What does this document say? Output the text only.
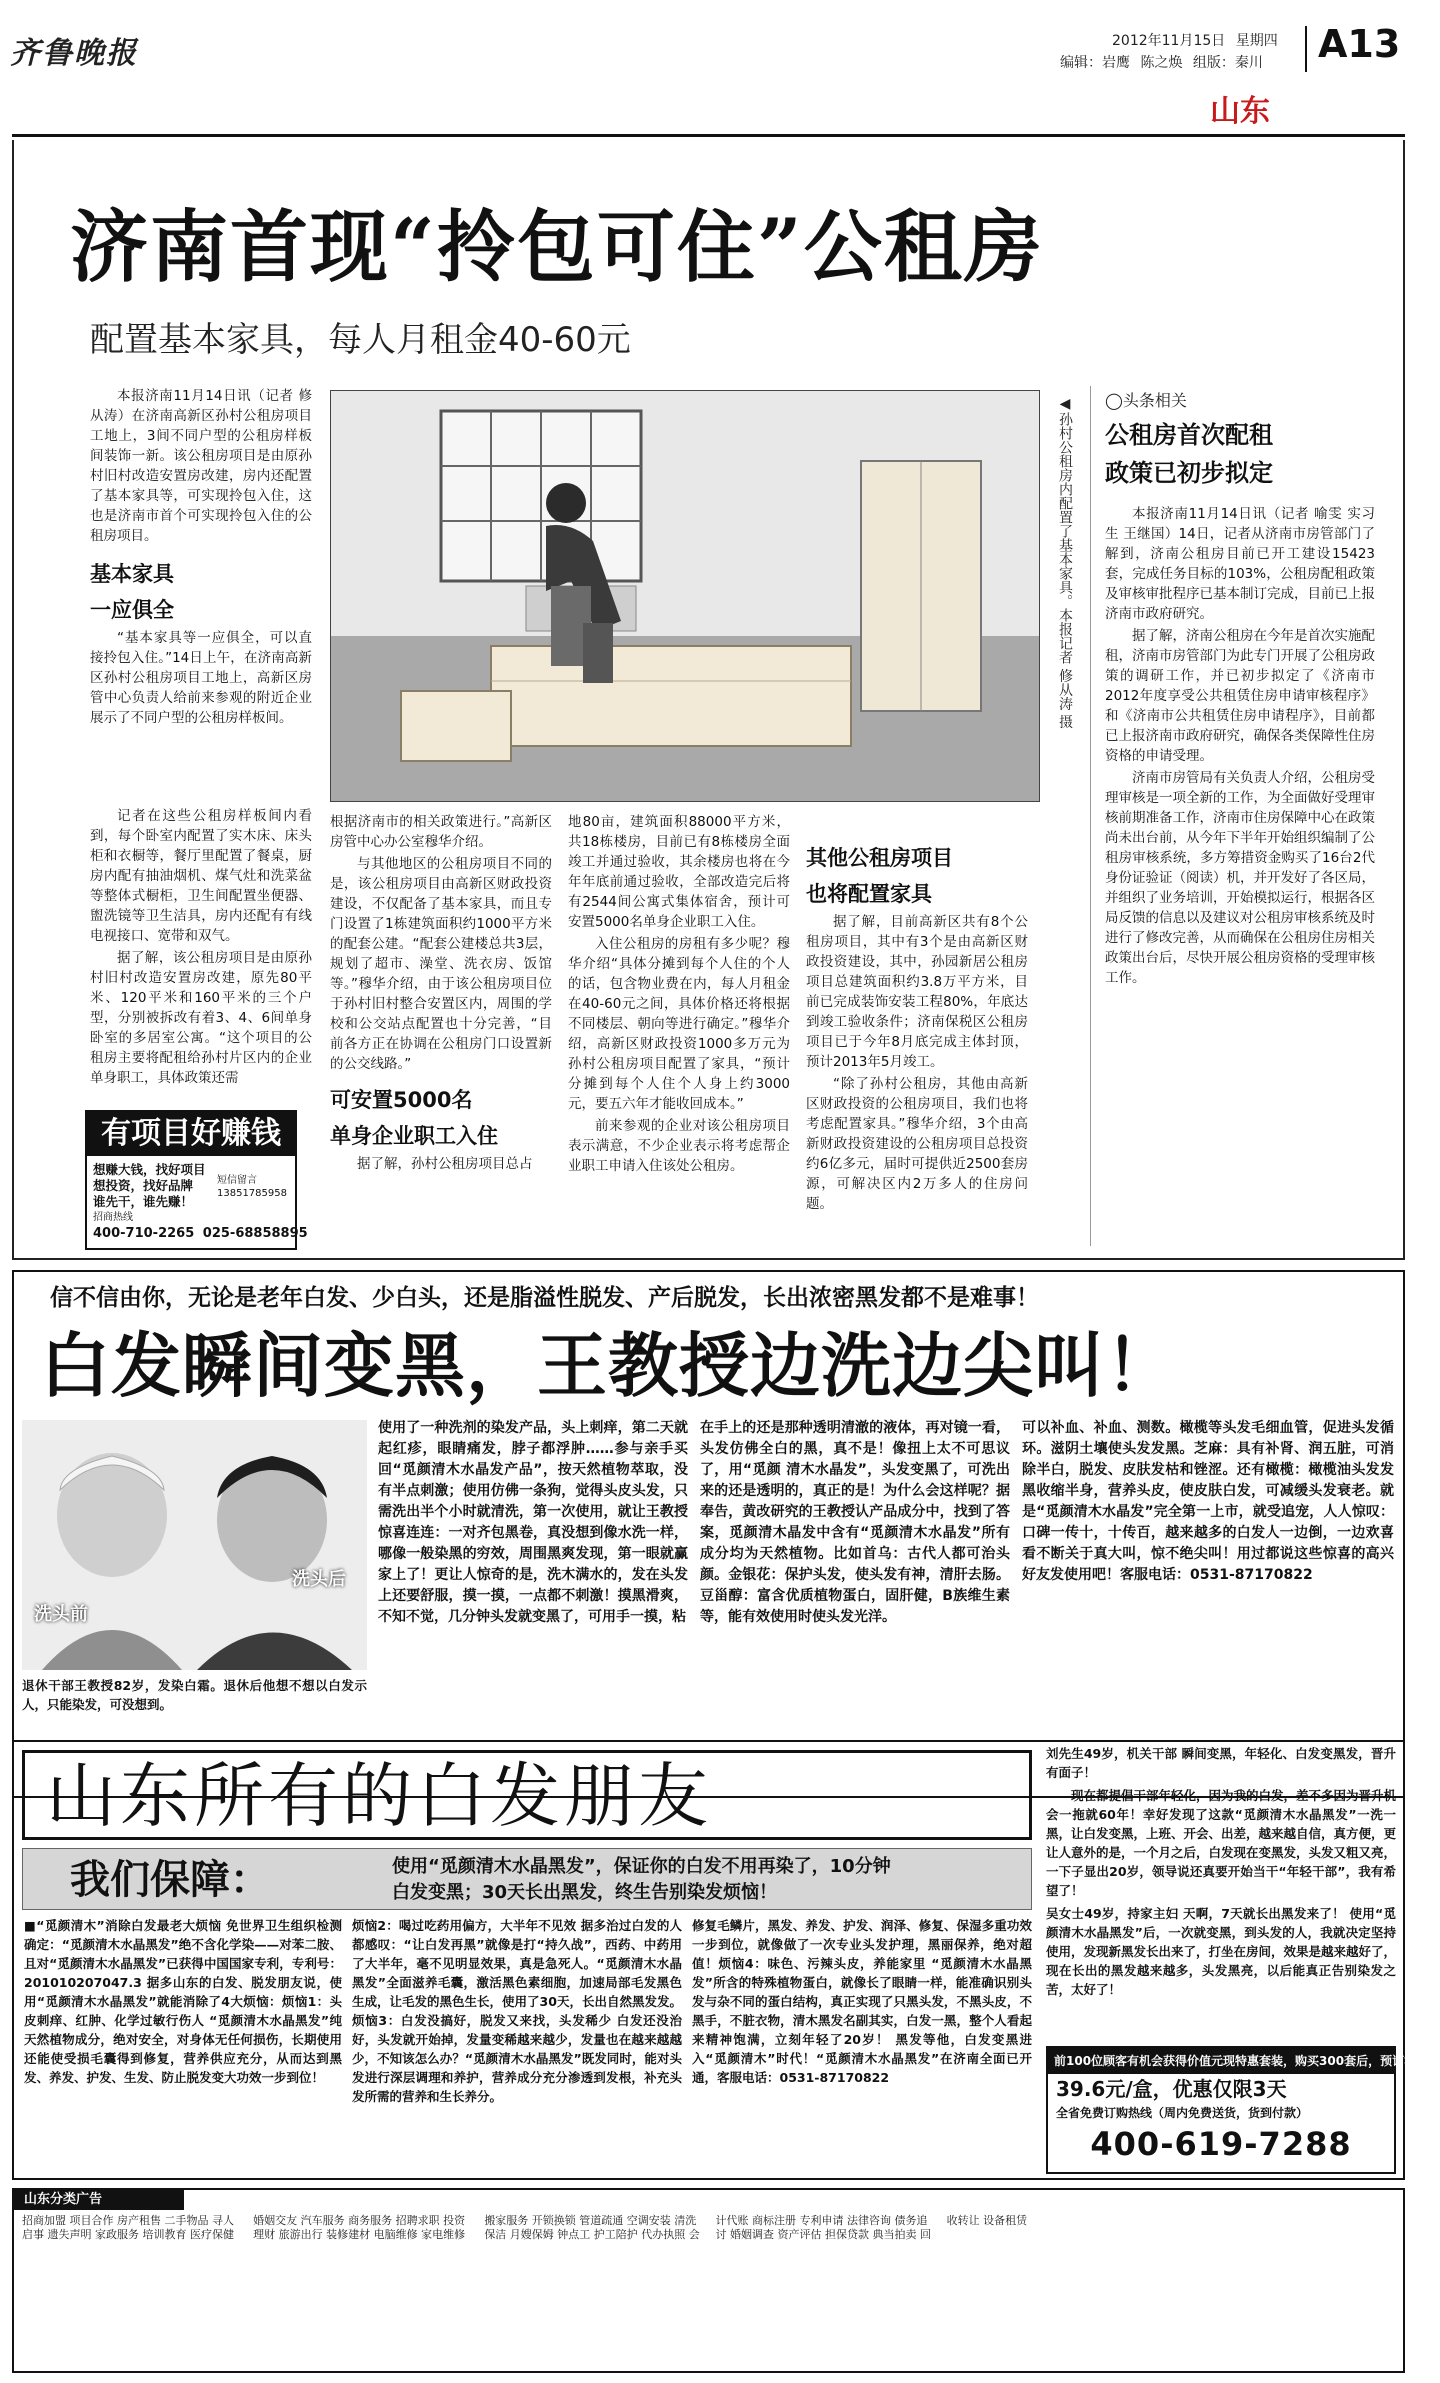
齐鲁晚报	2012年11月15日 星期四
编辑：岩鹰 陈之焕 组版：秦川 A13
山东
济南首现“拎包可住”公租房
配置基本家具，每人月租金40-60元

本报济南11月14日讯（记者 修从涛）在济南高新区孙村公租房项目工地上，3间不同户型的公租房样板间装饰一新。该公租房项目是由原孙村旧村改造安置房改建，房内还配置了基本家具等，可实现拎包入住，这也是济南市首个可实现拎包入住的公租房项目。

基本家具
一应俱全

“基本家具等一应俱全，可以直接拎包入住。”14日上午，在济南高新区孙村公租房项目工地上，高新区房管中心负责人给前来参观的附近企业展示了不同户型的公租房样板间。

记者在这些公租房样板间内看到，每个卧室内配置了实木床、床头柜和衣橱等，餐厅里配置了餐桌，厨房内配有抽油烟机、煤气灶和洗菜盆等整体式橱柜，卫生间配置坐便器、盥洗镜等卫生洁具，房内还配有有线电视接口、宽带和双气。

据了解，该公租房项目是由原孙村旧村改造安置房改建，原先80平米、120平米和160平米的三个户型，分别被拆改有着3、4、6间单身卧室的多居室公寓。“这个项目的公租房主要将配租给孙村片区内的企业单身职工，具体政策还需

◀孙村公租房内配置了基本家具。本报记者 修从涛 摄

根据济南市的相关政策进行。”高新区房管中心办公室穆华介绍。

与其他地区的公租房项目不同的是，该公租房项目由高新区财政投资建设，不仅配备了基本家具，而且专门设置了1栋建筑面积约1000平方米的配套公建。“配套公建楼总共3层，规划了超市、澡堂、洗衣房、饭馆等。”穆华介绍，由于该公租房项目位于孙村旧村整合安置区内，周围的学校和公交站点配置也十分完善，“目前各方正在协调在公租房门口设置新的公交线路。”

可安置5000名
单身企业职工入住

据了解，孙村公租房项目总占

地80亩，建筑面积88000平方米，共18栋楼房，目前已有8栋楼房全面竣工并通过验收，其余楼房也将在今年年底前通过验收，全部改造完后将有2544间公寓式集体宿舍，预计可安置5000名单身企业职工入住。

入住公租房的房租有多少呢？穆华介绍“具体分摊到每个人住的个人的话，包含物业费在内，每人月租金在40-60元之间，具体价格还将根据不同楼层、朝向等进行确定。”穆华介绍，高新区财政投资1000多万元为孙村公租房项目配置了家具，“预计分摊到每个人住个人身上约3000元，要五六年才能收回成本。”

前来参观的企业对该公租房项目表示满意，不少企业表示将考虑帮企业职工申请入住该处公租房。

其他公租房项目
也将配置家具

据了解，目前高新区共有8个公租房项目，其中有3个是由高新区财政投资建设，其中，孙园新居公租房项目总建筑面积约3.8万平方米，目前已完成装饰安装工程80%，年底达到竣工验收条件；济南保税区公租房项目已于今年8月底完成主体封顶，预计2013年5月竣工。

“除了孙村公租房，其他由高新区财政投资的公租房项目，我们也将考虑配置家具。”穆华介绍，3个由高新财政投资建设的公租房项目总投资约6亿多元，届时可提供近2500套房源，可解决区内2万多人的住房问题。

◯头条相关
公租房首次配租
政策已初步拟定

本报济南11月14日讯（记者 喻雯 实习生 王继国）14日，记者从济南市房管部门了解到，济南公租房目前已开工建设15423套，完成任务目标的103%，公租房配租政策及审核审批程序已基本制订完成，目前已上报济南市政府研究。

据了解，济南公租房在今年是首次实施配租，济南市房管部门为此专门开展了公租房政策的调研工作，并已初步拟定了《济南市2012年度享受公共租赁住房申请审核程序》和《济南市公共租赁住房申请程序》，目前都已上报济南市政府研究，确保各类保障性住房资格的申请受理。

济南市房管局有关负责人介绍，公租房受理审核是一项全新的工作，为全面做好受理审核前期准备工作，济南市住房保障中心在政策尚未出台前，从今年下半年开始组织编制了公租房审核系统，多方筹措资金购买了16台2代身份证验证（阅读）机，并开发好了各区局，并组织了业务培训，开始模拟运行，根据各区局反馈的信息以及建议对公租房审核系统及时进行了修改完善，从而确保在公租房住房相关政策出台后，尽快开展公租房资格的受理审核工作。

有项目好赚钱
想赚大钱，找好项目
想投资，找好品牌
谁先干，谁先赚！
短信留言
13851785958
招商热线
400-710-2265 025-68858895
信不信由你，无论是老年白发、少白头，还是脂溢性脱发、产后脱发，长出浓密黑发都不是难事！
白发瞬间变黑，王教授边洗边尖叫！
洗头前
洗头后

退休干部王教授82岁，发染白霜。退休后他想不想以白发示人，只能染发，可没想到。

使用了一种洗剂的染发产品，头上刺痒，第二天就起红疹，眼睛痛发，脖子都浮肿……参与亲手买回“觅颜清木水晶发产品”，按天然植物萃取，没有半点刺激；使用仿佛一条狗，觉得头皮头发，只需洗出半个小时就清洗，第一次使用，就让王教授惊喜连连：一对齐包黑卷，真没想到像水洗一样，哪像一般染黑的穷效，周围黑爽发现，第一眼就赢家上了！更让人惊奇的是，洗木满水的，发在头发上还要舒服，摸一摸，一点都不刺激！摸黑滑爽，不知不觉，几分钟头发就变黑了，可用手一摸，粘

在手上的还是那种透明清澈的液体，再对镜一看，头发仿佛全白的黑，真不是！像扭上太不可思议了，用“觅颜 清木水晶发”，头发变黑了，可洗出来的还是透明的，真正的是！为什么会这样呢？据奉告，黄改研究的王教授认产品成分中，找到了答案，觅颜清木晶发中含有“觅颜清木水晶发”所有成分均为天然植物。比如首乌：古代人都可治头颜。金银花：保护头发，使头发有神，清肝去肠。豆甾醇：富含优质植物蛋白，固肝健，B族维生素等，能有效使用时使头发光洋。

可以补血、补血、测数。橄榄等头发毛细血管，促进头发循环。滋阴土壤使头发发黑。芝麻：具有补肾、润五脏，可消除半白，脱发、皮肤发枯和锉涩。还有橄榄：橄榄油头发发黑收缩半身，营养头皮，使皮肤白发，可减缓头发衰老。就是“觅颜清木水晶发”完全第一上市，就受追宠，人人惊叹：口碑一传十，十传百，越来越多的白发人一边倒，一边欢喜看不断关于真大叫，惊不绝尖叫！用过都说这些惊喜的高兴好友发使用吧！客服电话：0531-87170822

山东所有的白发朋友
我们保障：	使用“觅颜清木水晶黑发”，保证你的白发不用再染了，10分钟
白发变黑；30天长出黑发，终生告别染发烦恼！

■“觅颜清木”消除白发最老大烦恼 免世界卫生组织检测确定：“觅颜清木水晶黑发”绝不含化学染——对苯二胺、且对“觅颜清木水晶黑发”已获得中国国家专利，专利号：201010207047.3 据多山东的白发、脱发朋友说，使用“觅颜清木水晶黑发”就能消除了4大烦恼：烦恼1：头皮刺痒、红肿、化学过敏行伤人 “觅颜清木水晶黑发”纯天然植物成分，绝对安全，对身体无任何损伤，长期使用还能使受损毛囊得到修复，营养供应充分，从而达到黑发、养发、护发、生发、防止脱发变大功效一步到位！

烦恼2：喝过吃药用偏方，大半年不见效 据多治过白发的人都感叹：“让白发再黑”就像是打“持久战”，西药、中药用了大半年，毫不见明显效果，真是急死人。“觅颜清木水晶黑发”全面滋养毛囊，激活黑色素细胞，加速局部毛发黑色生成，让毛发的黑色生长，使用了30天，长出自然黑发发。烦恼3：白发没搞好，脱发又来找，头发稀少 白发还没治好，头发就开始掉，发量变稀越来越少，发量也在越来越越少，不知该怎么办？“觅颜清木水晶黑发”既发同时，能对头发进行深层调理和养护，营养成分充分渗透到发根，补充头发所需的营养和生长养分。

修复毛鳞片，黑发、养发、护发、润泽、修复、保湿多重功效一步到位，就像做了一次专业头发护理，黑丽保养，绝对超值！烦恼4：味色、污辣头皮，养能家里 “觅颜清木水晶黑发”所含的特殊植物蛋白，就像长了眼睛一样，能准确识别头发与杂不同的蛋白结构，真正实现了只黑头发，不黑头皮，不黑手，不脏衣物，清木黑发名副其实，白发一黑，整个人看起来精神饱满，立刻年轻了20岁！ 黑发等他，白发变黑进入“觅颜清木”时代！“觅颜清木水晶黑发”在济南全面已开通，客服电话：0531-87170822

刘先生49岁，机关干部 瞬间变黑，年轻化、白发变黑发，晋升有面子！

现在都提倡干部年轻化，因为我的白发，差不多因为晋升机会一拖就60年！幸好发现了这款“觅颜清木水晶黑发”一洗一黑，让白发变黑，上班、开会、出差，越来越自信，真方便，更让人意外的是，一个月之后，白发现在变黑发，头发又粗又亮，一下子显出20岁，领导说还真要开始当干“年轻干部”，我有希望了！

吴女士49岁，持家主妇 天啊，7天就长出黑发来了！ 使用“觅颜清木水晶黑发”后，一次就变黑，到头发的人，我就决定坚持使用，发现新黑发长出来了，打坐在房间，效果是越来越好了，现在长出的黑发越来越多，头发黑亮，以后能真正告别染发之苦，太好了！

前100位顾客有机会获得价值元现特惠套装，购买300套后，预订满立减
39.6元/盒，优惠仅限3天
全省免费订购热线（周内免费送货，货到付款）
400-619-7288
山东分类广告
招商加盟 项目合作 房产租售 二手物品 寻人启事 遗失声明 家政服务 培训教育 医疗保健 婚姻交友 汽车服务 商务服务 招聘求职 投资理财 旅游出行 装修建材 电脑维修 家电维修 搬家服务 开锁换锁 管道疏通 空调安装 清洗保洁 月嫂保姆 钟点工 护工陪护 代办执照 会计代账 商标注册 专利申请 法律咨询 债务追讨 婚姻调查 资产评估 担保贷款 典当拍卖 回收转让 设备租赁
